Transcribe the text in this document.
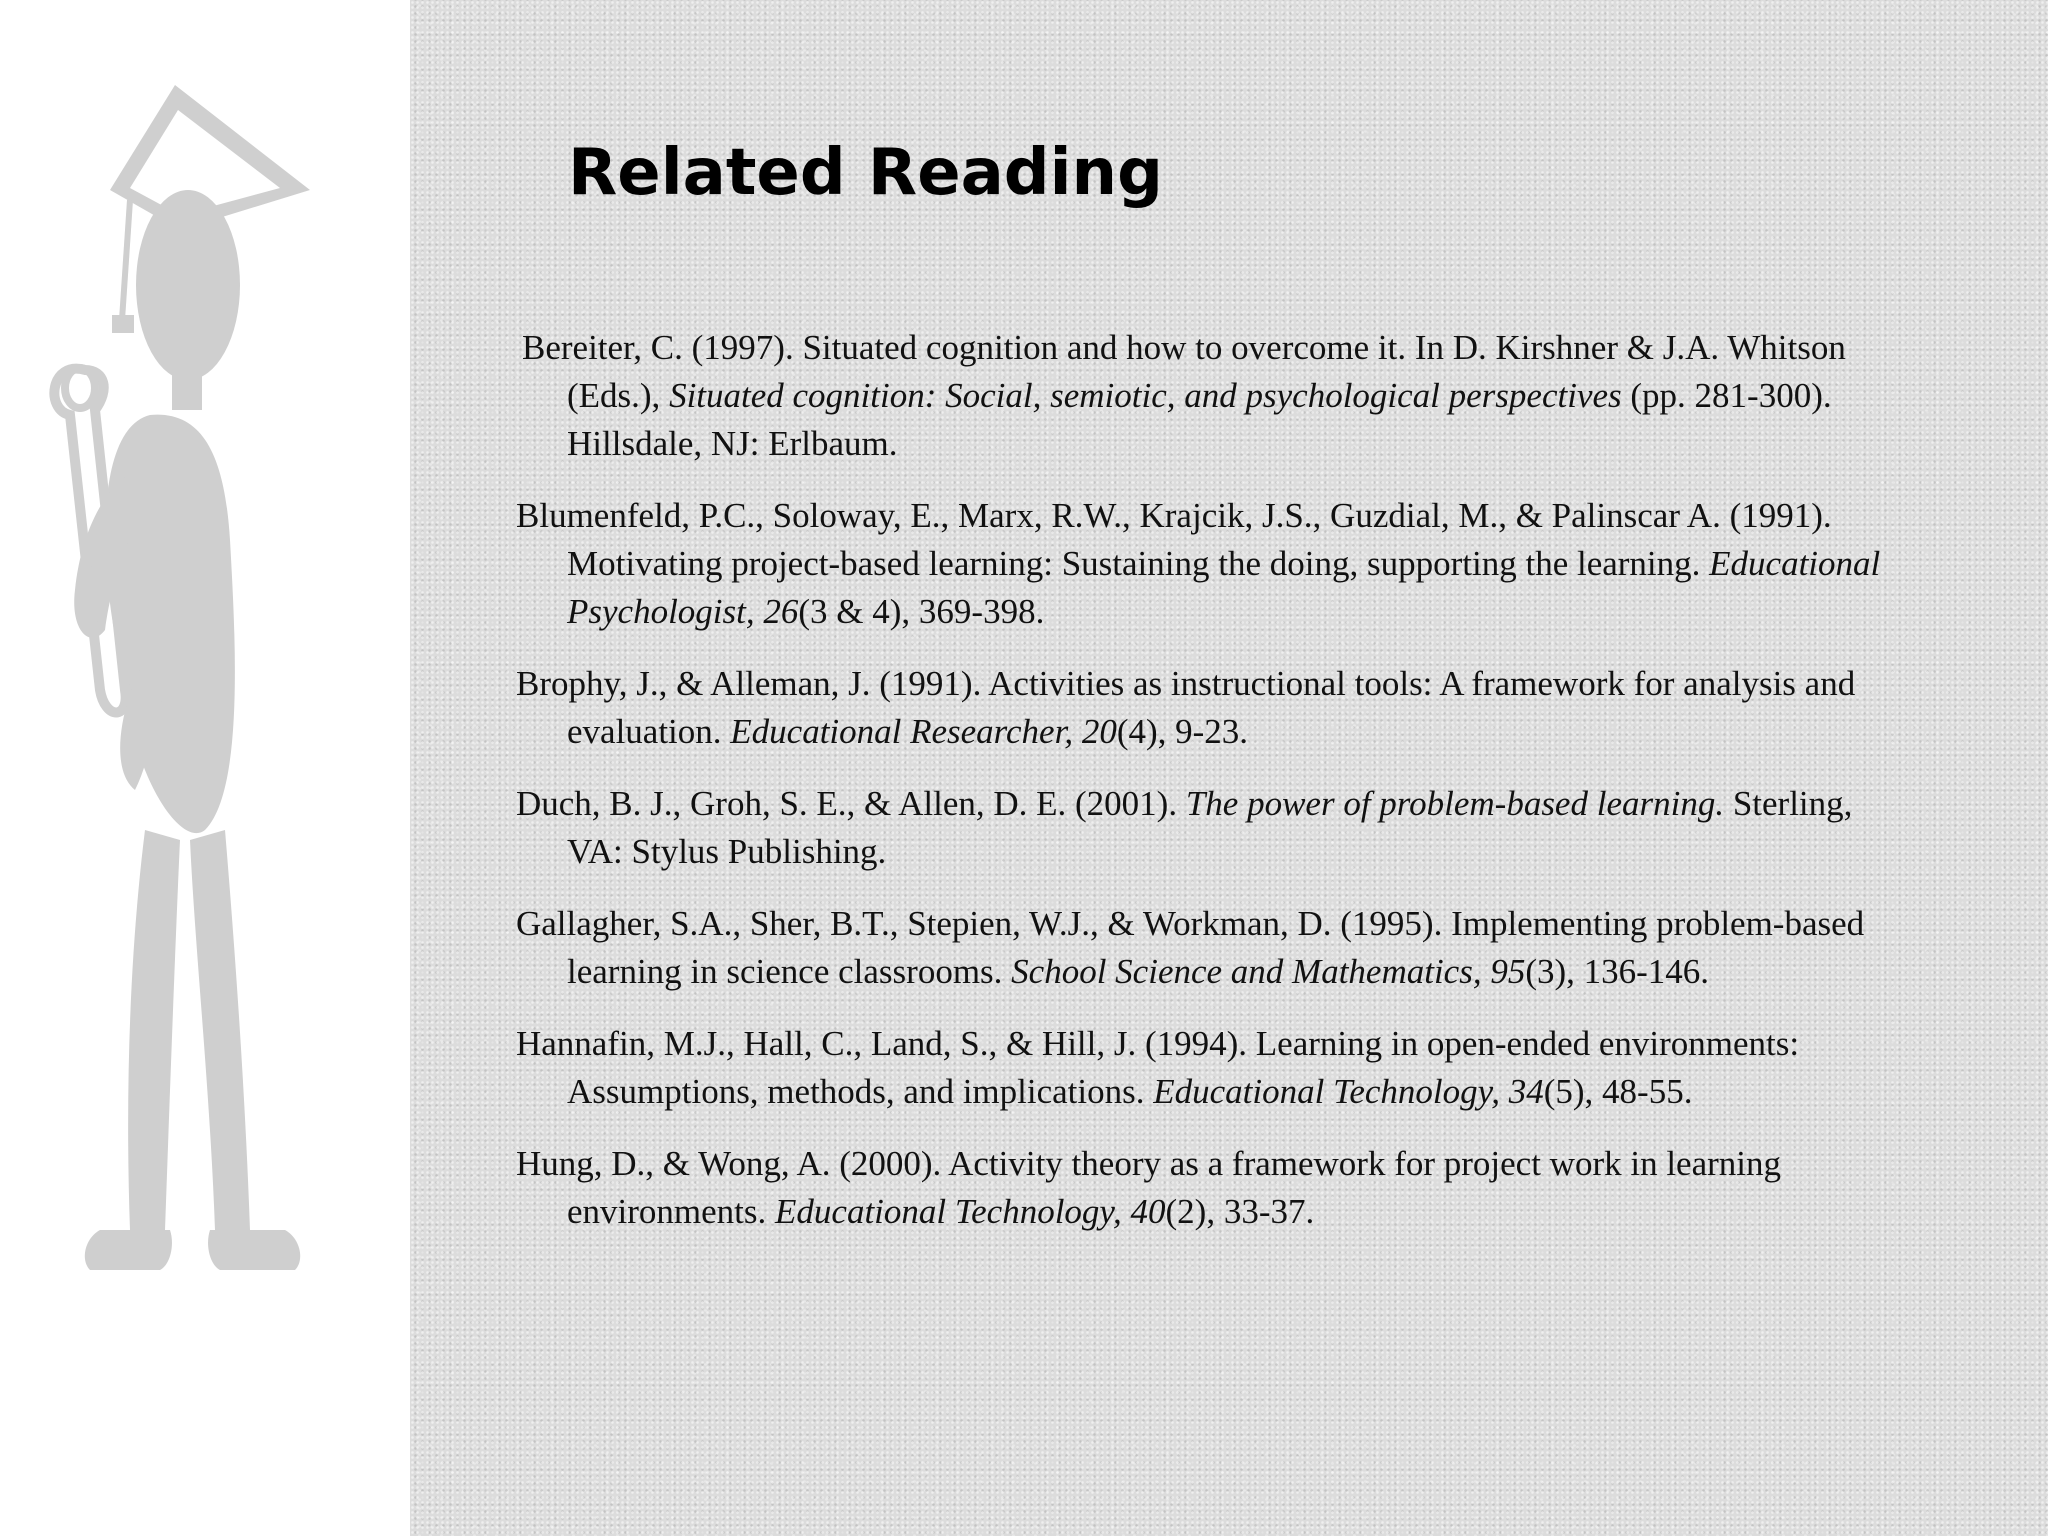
Related Reading
Bereiter, C. (1997). Situated cognition and how to overcome it. In D. Kirshner & J.A. Whitson (Eds.), Situated cognition: Social, semiotic, and psychological perspectives (pp. 281-300). Hillsdale, NJ: Erlbaum.
Blumenfeld, P.C., Soloway, E., Marx, R.W., Krajcik, J.S., Guzdial, M., & Palinscar A. (1991). Motivating project-based learning: Sustaining the doing, supporting the learning. Educational Psychologist, 26(3 & 4), 369-398.
Brophy, J., & Alleman, J. (1991). Activities as instructional tools: A framework for analysis and evaluation. Educational Researcher, 20(4), 9-23.
Duch, B. J., Groh, S. E., & Allen, D. E. (2001). The power of problem-based learning. Sterling, VA: Stylus Publishing.
Gallagher, S.A., Sher, B.T., Stepien, W.J., & Workman, D. (1995). Implementing problem-based learning in science classrooms. School Science and Mathematics, 95(3), 136-146.
Hannafin, M.J., Hall, C., Land, S., & Hill, J. (1994). Learning in open-ended environments: Assumptions, methods, and implications. Educational Technology, 34(5), 48-55.
Hung, D., & Wong, A. (2000). Activity theory as a framework for project work in learning environments. Educational Technology, 40(2), 33-37.
